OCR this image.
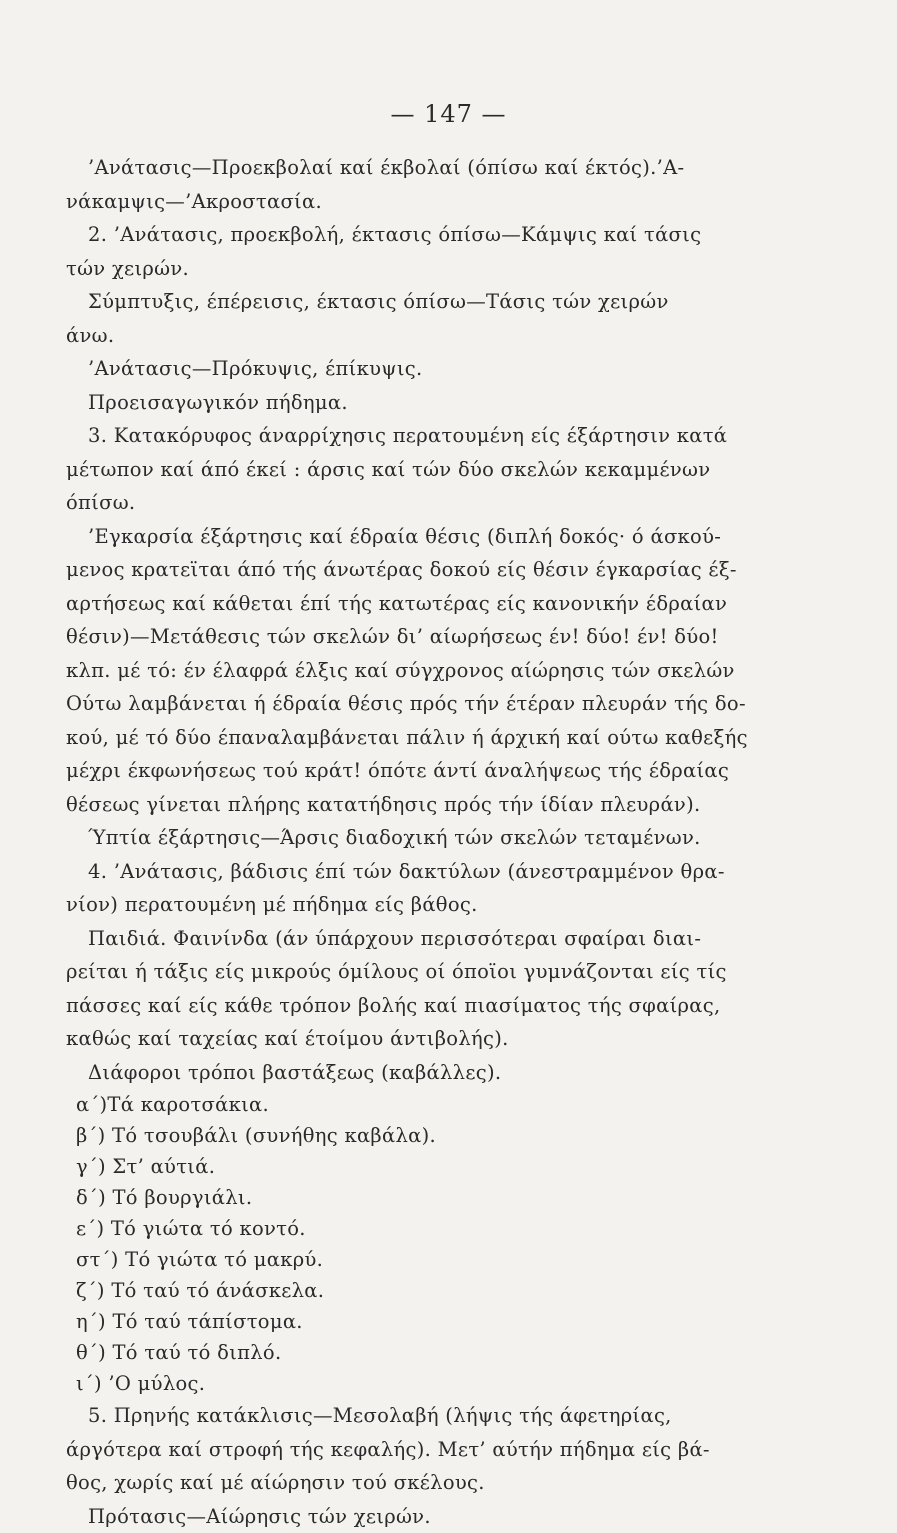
— 147 —
’Ανάτασις—Προεκβολαί καί έκβολαί (όπίσω καί έκτός).’Α-
νάκαμψις—’Ακροστασία.
2. ’Ανάτασις, προεκβολή, έκτασις όπίσω—Κάμψις καί τάσις
τών χειρών.
Σύμπτυξις, έπέρεισις, έκτασις όπίσω—Τάσις τών χειρών
άνω.
’Ανάτασις—Πρόκυψις, έπίκυψις.
Προεισαγωγικόν πήδημα.
3. Κατακόρυφος άναρρίχησις περατουμένη είς έξάρτησιν κατά
μέτωπον καί άπό έκεί : άρσις καί τών δύο σκελών κεκαμμένων
όπίσω.
’Εγκαρσία έξάρτησις καί έδραία θέσις (διπλή δοκός· ό άσκού-
μενος κρατεϊται άπό τής άνωτέρας δοκού είς θέσιν έγκαρσίας έξ-
αρτήσεως καί κάθεται έπί τής κατωτέρας είς κανονικήν έδραίαν
θέσιν)—Μετάθεσις τών σκελών δι’ αίωρήσεως έν! δύο! έν! δύο!
κλπ. μέ τό: έν έλαφρά έλξις καί σύγχρονος αίώρησις τών σκελών
Ούτω λαμβάνεται ή έδραία θέσις πρός τήν έτέραν πλευράν τής δο-
κού, μέ τό δύο έπαναλαμβάνεται πάλιν ή άρχική καί ούτω καθεξής
μέχρι έκφωνήσεως τού κράτ! όπότε άντί άναλήψεως τής έδραίας
θέσεως γίνεται πλήρης κατατήδησις πρός τήν ίδίαν πλευράν).
Ύπτία έξάρτησις—Άρσις διαδοχική τών σκελών τεταμένων.
4. ’Ανάτασις, βάδισις έπί τών δακτύλων (άνεστραμμένον θρα-
νίον) περατουμένη μέ πήδημα είς βάθος.
Παιδιά. Φαινίνδα (άν ύπάρχουν περισσότεραι σφαίραι διαι-
ρείται ή τάξις είς μικρούς όμίλους οί όποϊοι γυμνάζονται είς τίς
πάσσες καί είς κάθε τρόπον βολής καί πιασίματος τής σφαίρας,
καθώς καί ταχείας καί έτοίμου άντιβολής).
Διάφοροι τρόποι βαστάξεως (καβάλλες).
α΄)Τά καροτσάκια.
β΄) Τό τσουβάλι (συνήθης καβάλα).
γ΄) Στ’ αύτιά.
δ΄) Τό βουργιάλι.
ε΄) Τό γιώτα τό κοντό.
στ΄) Τό γιώτα τό μακρύ.
ζ΄) Τό ταύ τό άνάσκελα.
η΄) Τό ταύ τάπίστομα.
θ΄) Τό ταύ τό διπλό.
ι΄) ’Ο μύλος.
5. Πρηνής κατάκλισις—Μεσολαβή (λήψις τής άφετηρίας,
άργότερα καί στροφή τής κεφαλής). Μετ’ αύτήν πήδημα είς βά-
θος, χωρίς καί μέ αίώρησιν τού σκέλους.
Πρότασις—Αίώρησις τών χειρών.
